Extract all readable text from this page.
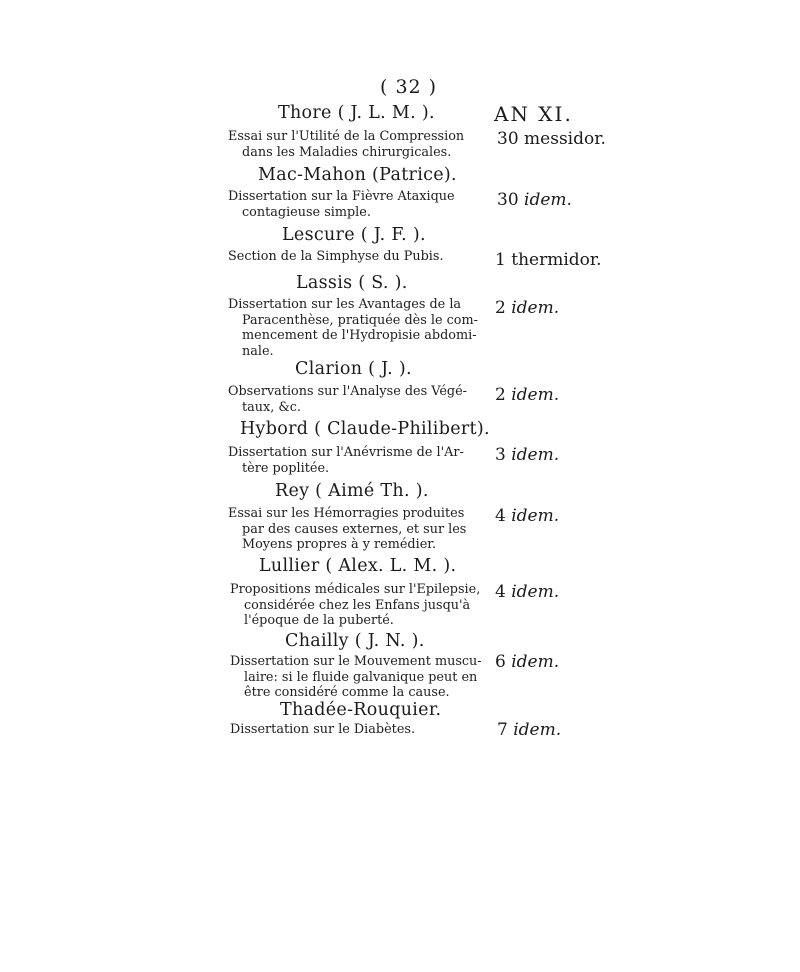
( 32 )
AN XI.
Thore ( J. L. M. ).
Essai sur l'Utilité de la Compression
dans les Maladies chirurgicales.
30 messidor.
Mac-Mahon (Patrice).
Dissertation sur la Fièvre Ataxique
contagieuse simple.
30 idem.
Lescure ( J. F. ).
Section de la Simphyse du Pubis.	1 thermidor.
Lassis ( S. ).
Dissertation sur les Avantages de la
Paracenthèse, pratiquée dès le com-
mencement de l'Hydropisie abdomi-
nale.
2 idem.
Clarion ( J. ).
Observations sur l'Analyse des Végé-
taux, &c.
2 idem.
Hybord ( Claude-Philibert).
Dissertation sur l'Anévrisme de l'Ar-
tère poplitée.
3 idem.
Rey ( Aimé Th. ).
Essai sur les Hémorragies produites
par des causes externes, et sur les
Moyens propres à y remédier.
4 idem.
Lullier ( Alex. L. M. ).
Propositions médicales sur l'Epilepsie,
considérée chez les Enfans jusqu'à
l'époque de la puberté.
4 idem.
Chailly ( J. N. ).
Dissertation sur le Mouvement muscu-
laire: si le fluide galvanique peut en
être considéré comme la cause.
6 idem.
Thadée-Rouquier.
Dissertation sur le Diabètes.	7 idem.
